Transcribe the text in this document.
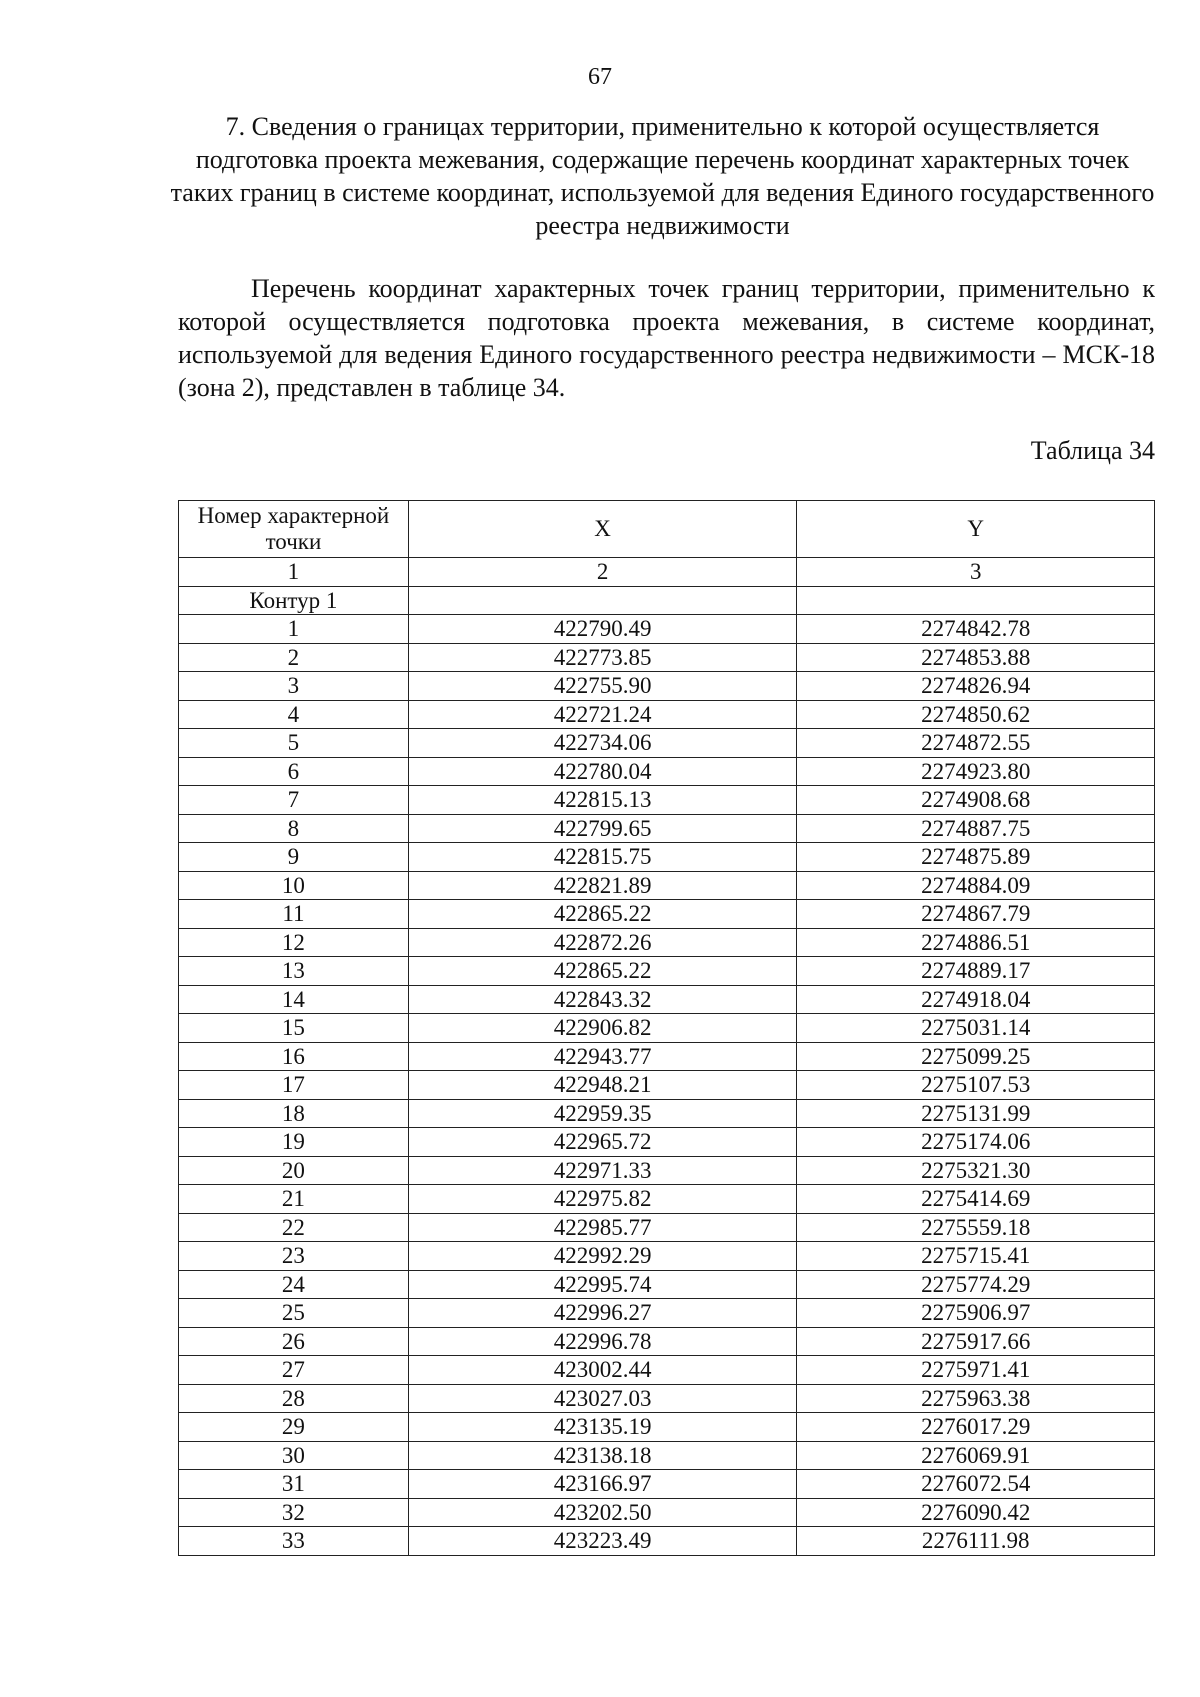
67
7. Сведения о границах территории, применительно к которой осуществляется подготовка проекта межевания, содержащие перечень координат характерных точек таких границ в системе координат, используемой для ведения Единого государственного реестра недвижимости

Перечень координат характерных точек границ территории, применительно к которой осуществляется подготовка проекта межевания, в системе координат, используемой для ведения Единого государственного реестра недвижимости – МСК-18 (зона 2), представлен в таблице 34.

Таблица 34
Номер характерной точки	X	Y
1	2	3
Контур 1		
1	422790.49	2274842.78
2	422773.85	2274853.88
3	422755.90	2274826.94
4	422721.24	2274850.62
5	422734.06	2274872.55
6	422780.04	2274923.80
7	422815.13	2274908.68
8	422799.65	2274887.75
9	422815.75	2274875.89
10	422821.89	2274884.09
11	422865.22	2274867.79
12	422872.26	2274886.51
13	422865.22	2274889.17
14	422843.32	2274918.04
15	422906.82	2275031.14
16	422943.77	2275099.25
17	422948.21	2275107.53
18	422959.35	2275131.99
19	422965.72	2275174.06
20	422971.33	2275321.30
21	422975.82	2275414.69
22	422985.77	2275559.18
23	422992.29	2275715.41
24	422995.74	2275774.29
25	422996.27	2275906.97
26	422996.78	2275917.66
27	423002.44	2275971.41
28	423027.03	2275963.38
29	423135.19	2276017.29
30	423138.18	2276069.91
31	423166.97	2276072.54
32	423202.50	2276090.42
33	423223.49	2276111.98
